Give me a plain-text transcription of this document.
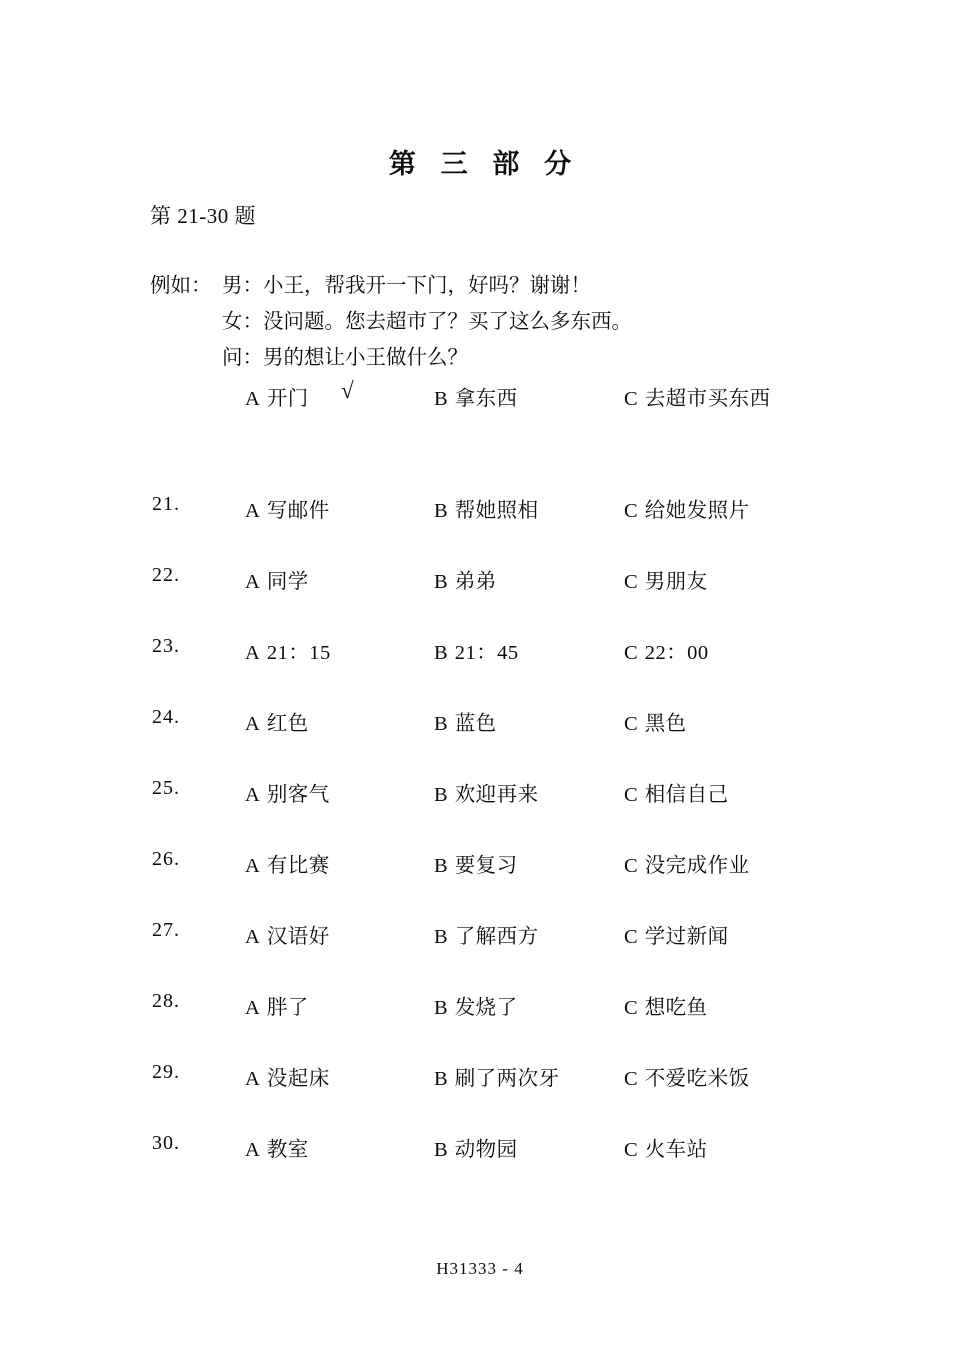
第 三 部 分
第 21-30 题
例如： 男：小王，帮我开一下门，好吗？谢谢！
女：没问题。您去超市了？买了这么多东西。
问：男的想让小王做什么？
A 开门 √	B 拿东西	C 去超市买东西
21.	A 写邮件	B 帮她照相	C 给她发照片
22.	A 同学	B 弟弟	C 男朋友
23.	A 21：15	B 21：45	C 22：00
24.	A 红色	B 蓝色	C 黑色
25.	A 别客气	B 欢迎再来	C 相信自己
26.	A 有比赛	B 要复习	C 没完成作业
27.	A 汉语好	B 了解西方	C 学过新闻
28.	A 胖了	B 发烧了	C 想吃鱼
29.	A 没起床	B 刷了两次牙	C 不爱吃米饭
30.	A 教室	B 动物园	C 火车站
H31333 - 4
